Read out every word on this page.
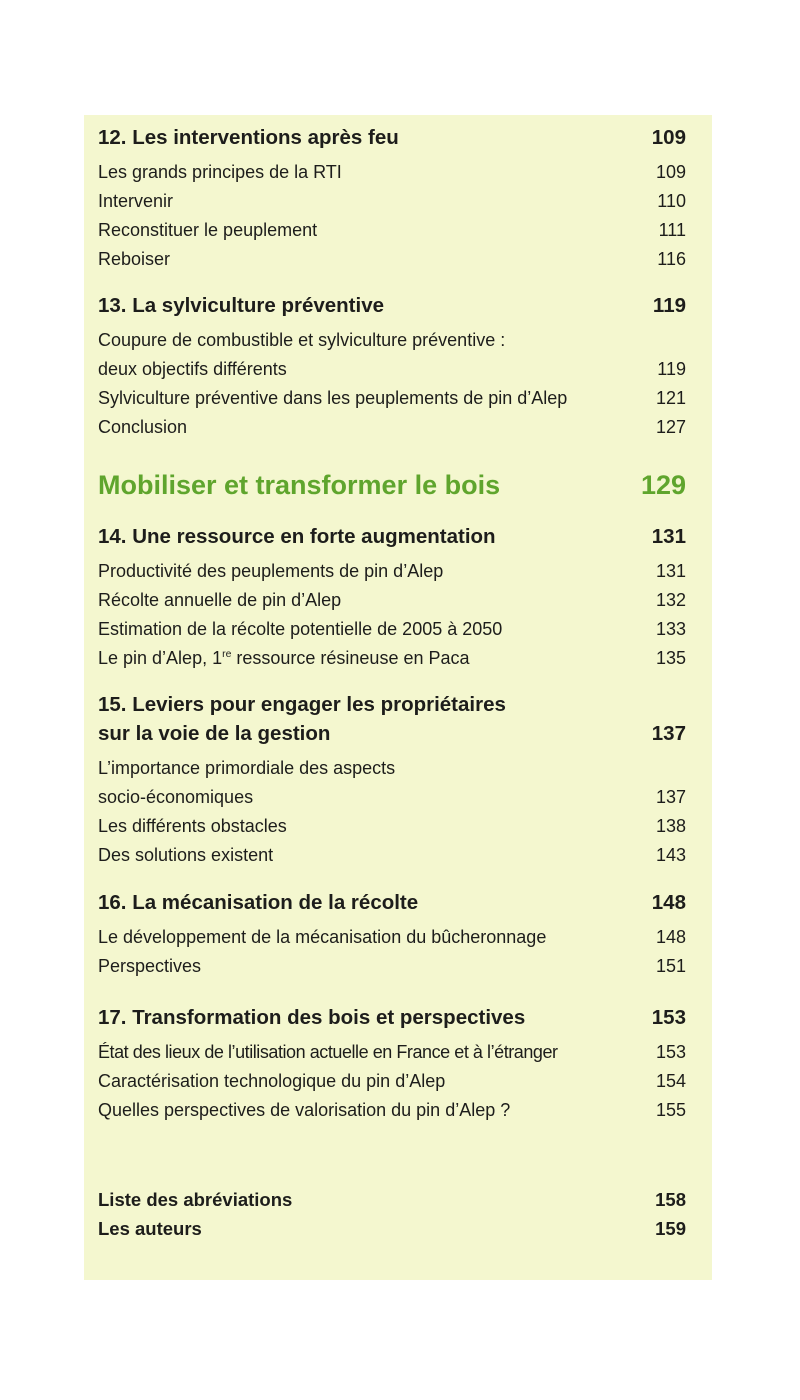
12. Les interventions après feu	109
Les grands principes de la RTI	109
Intervenir	110
Reconstituer le peuplement	111
Reboiser	116
13. La sylviculture préventive	119
Coupure de combustible et sylviculture préventive :
deux objectifs différents	119
Sylviculture préventive dans les peuplements de pin d’Alep	121
Conclusion	127
Mobiliser et transformer le bois	129
14. Une ressource en forte augmentation	131
Productivité des peuplements de pin d’Alep	131
Récolte annuelle de pin d’Alep	132
Estimation de la récolte potentielle de 2005 à 2050	133
Le pin d’Alep, 1re ressource résineuse en Paca	135
15. Leviers pour engager les propriétaires
sur la voie de la gestion	137
L’importance primordiale des aspects
socio-économiques	137
Les différents obstacles	138
Des solutions existent	143
16. La mécanisation de la récolte	148
Le développement de la mécanisation du bûcheronnage	148
Perspectives	151
17. Transformation des bois et perspectives	153
État des lieux de l’utilisation actuelle en France et à l’étranger	153
Caractérisation technologique du pin d’Alep	154
Quelles perspectives de valorisation du pin d’Alep ?	155
Liste des abréviations	158
Les auteurs	159
